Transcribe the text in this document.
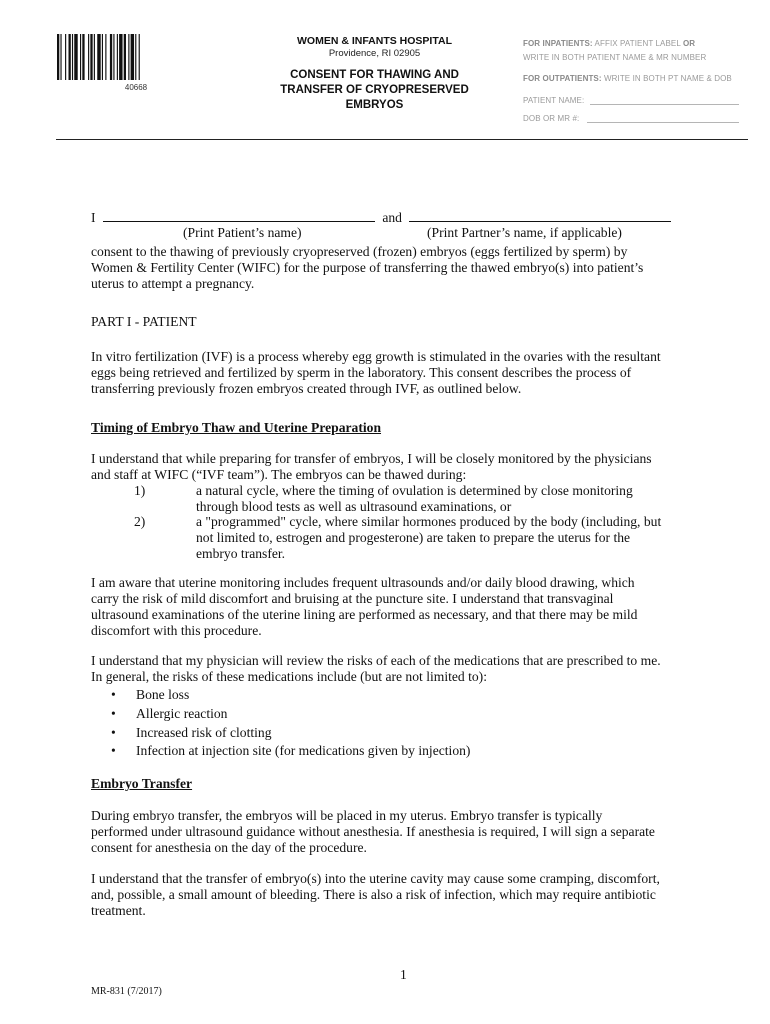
40668
WOMEN & INFANTS HOSPITAL
Providence, RI 02905
CONSENT FOR THAWING AND
TRANSFER OF CRYOPRESERVED
EMBRYOS
FOR INPATIENTS: AFFIX PATIENT LABEL OR
WRITE IN BOTH PATIENT NAME & MR NUMBER
FOR OUTPATIENTS: WRITE IN BOTH PT NAME & DOB
PATIENT NAME:
DOB OR MR #:
I	and
(Print Patient’s name)	(Print Partner’s name, if applicable)
consent to the thawing of previously cryopreserved (frozen) embryos (eggs fertilized by sperm) by
Women & Fertility Center (WIFC) for the purpose of transferring the thawed embryo(s) into patient’s
uterus to attempt a pregnancy.
PART I - PATIENT
In vitro fertilization (IVF) is a process whereby egg growth is stimulated in the ovaries with the resultant
eggs being retrieved and fertilized by sperm in the laboratory. This consent describes the process of
transferring previously frozen embryos created through IVF, as outlined below.
Timing of Embryo Thaw and Uterine Preparation
I understand that while preparing for transfer of embryos, I will be closely monitored by the physicians
and staff at WIFC (“IVF team”). The embryos can be thawed during:
1)	a natural cycle, where the timing of ovulation is determined by close monitoring
through blood tests as well as ultrasound examinations, or
2)	a "programmed" cycle, where similar hormones produced by the body (including, but
not limited to, estrogen and progesterone) are taken to prepare the uterus for the
embryo transfer.
I am aware that uterine monitoring includes frequent ultrasounds and/or daily blood drawing, which
carry the risk of mild discomfort and bruising at the puncture site. I understand that transvaginal
ultrasound examinations of the uterine lining are performed as necessary, and that there may be mild
discomfort with this procedure.
I understand that my physician will review the risks of each of the medications that are prescribed to me.
In general, the risks of these medications include (but are not limited to):
• Bone loss
• Allergic reaction
• Increased risk of clotting
• Infection at injection site (for medications given by injection)
Embryo Transfer
During embryo transfer, the embryos will be placed in my uterus. Embryo transfer is typically
performed under ultrasound guidance without anesthesia. If anesthesia is required, I will sign a separate
consent for anesthesia on the day of the procedure.
I understand that the transfer of embryo(s) into the uterine cavity may cause some cramping, discomfort,
and, possible, a small amount of bleeding. There is also a risk of infection, which may require antibiotic
treatment.
1
MR-831 (7/2017)
